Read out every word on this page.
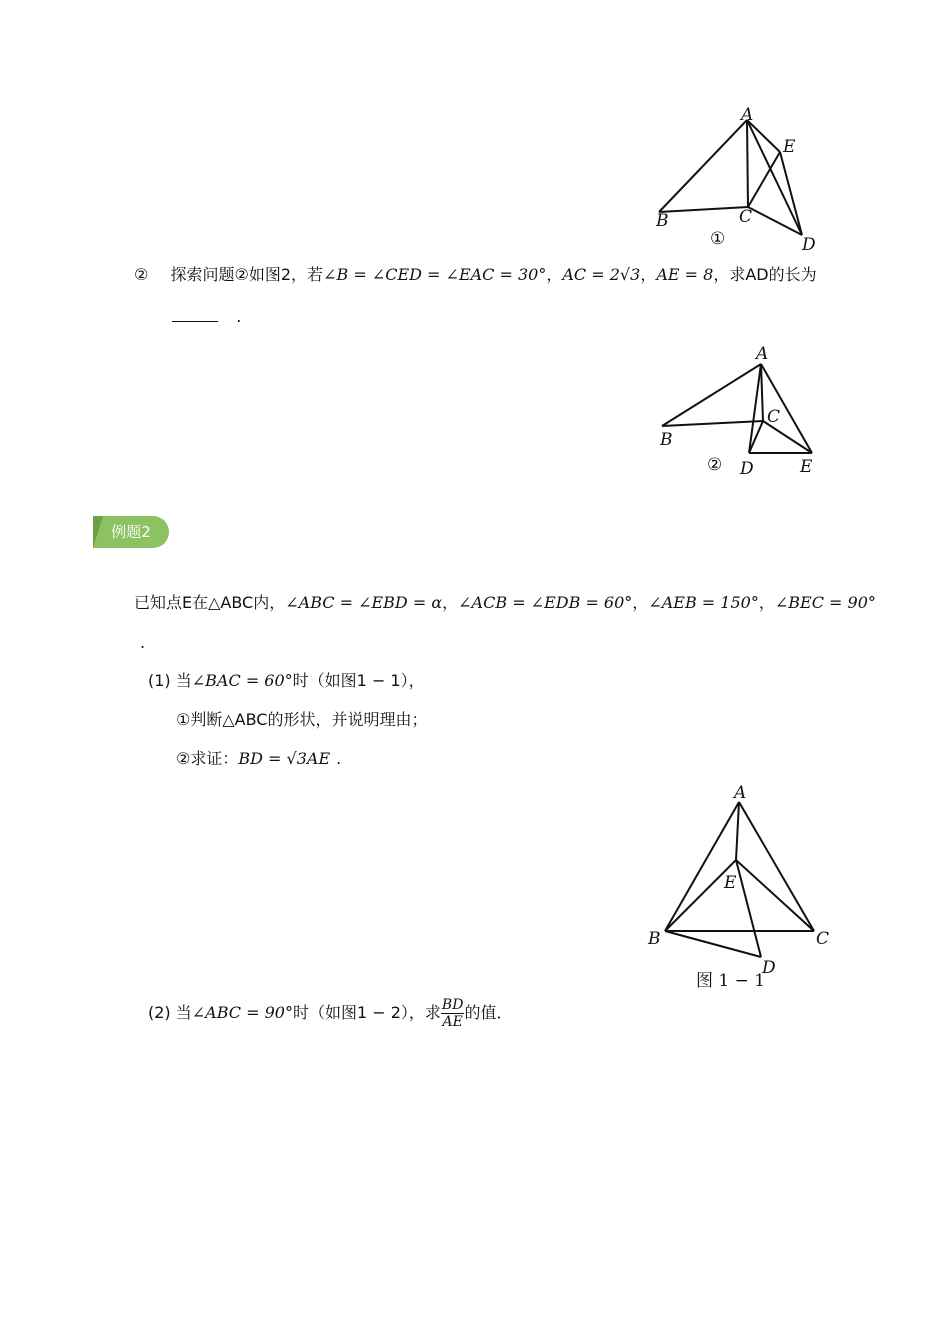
A
E
B	C
D
①
② 探索问题②如图2，若∠B = ∠CED = ∠EAC = 30°，AC = 2√3，AE = 8，求AD的长为
.
A
C
B
D	E
②
例题2
已知点E在△ABC内，∠ABC = ∠EBD = α，∠ACB = ∠EDB = 60°，∠AEB = 150°，∠BEC = 90°
.
(1) 当∠BAC = 60°时（如图1 − 1），
①判断△ABC的形状，并说明理由；
②求证：BD = √3AE .
A
E
B	C
D
图 1 − 1
(2) 当∠ABC = 90°时（如图1 − 2），求 $\frac{BD}{AE}$ 的值．
